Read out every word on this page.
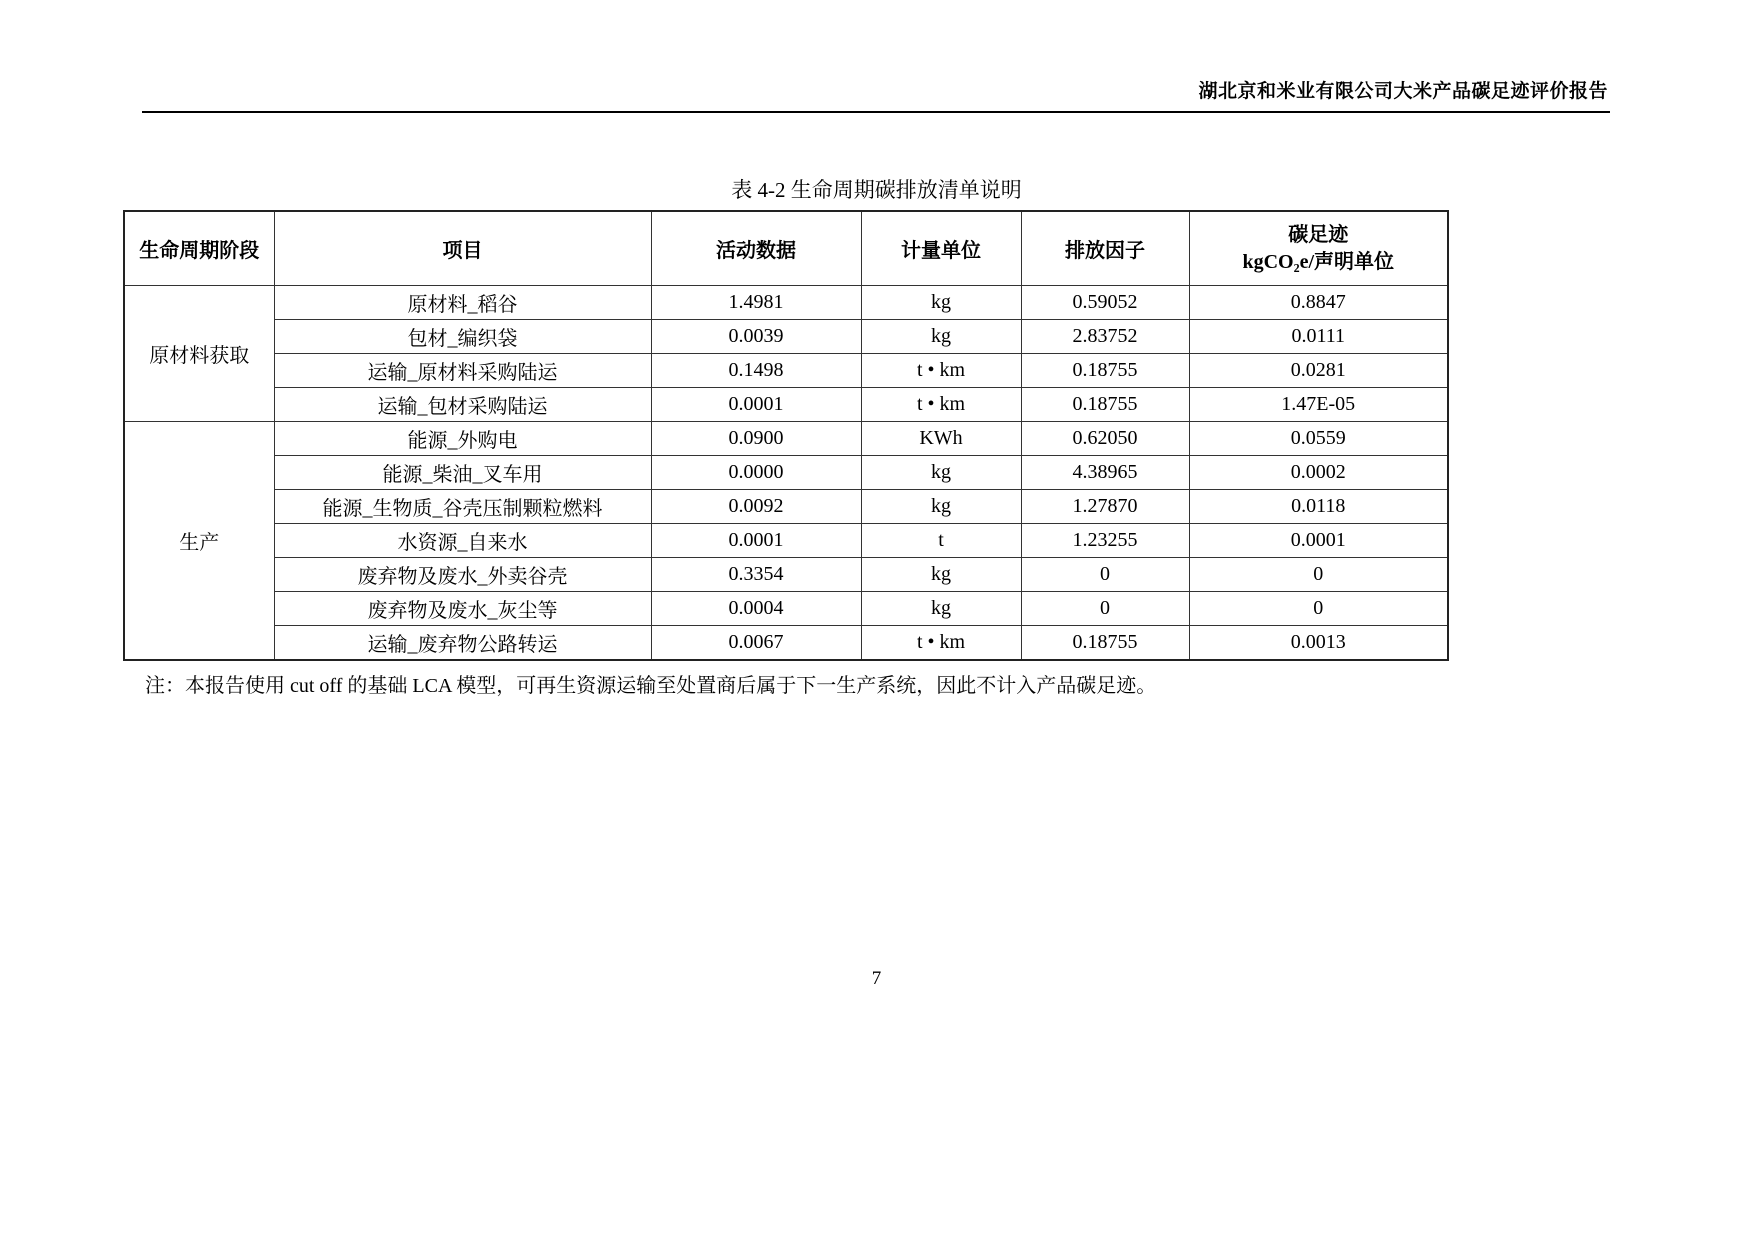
湖北京和米业有限公司大米产品碳足迹评价报告
表 4-2 生命周期碳排放清单说明
生命周期阶段	项目	活动数据	计量单位	排放因子	碳足迹
kgCO₂e/声明单位

原材料获取	原材料_稻谷	1.4981	kg	0.59052	0.8847
	包材_编织袋	0.0039	kg	2.83752	0.0111
	运输_原材料采购陆运	0.1498	t • km	0.18755	0.0281
	运输_包材采购陆运	0.0001	t • km	0.18755	1.47E-05
生产	能源_外购电	0.0900	KWh	0.62050	0.0559
	能源_柴油_叉车用	0.0000	kg	4.38965	0.0002
	能源_生物质_谷壳压制颗粒燃料	0.0092	kg	1.27870	0.0118
	水资源_自来水	0.0001	t	1.23255	0.0001
	废弃物及废水_外卖谷壳	0.3354	kg	0	0
	废弃物及废水_灰尘等	0.0004	kg	0	0
	运输_废弃物公路转运	0.0067	t • km	0.18755	0.0013
注：本报告使用 cut off 的基础 LCA 模型，可再生资源运输至处置商后属于下一生产系统，因此不计入产品碳足迹。
7
